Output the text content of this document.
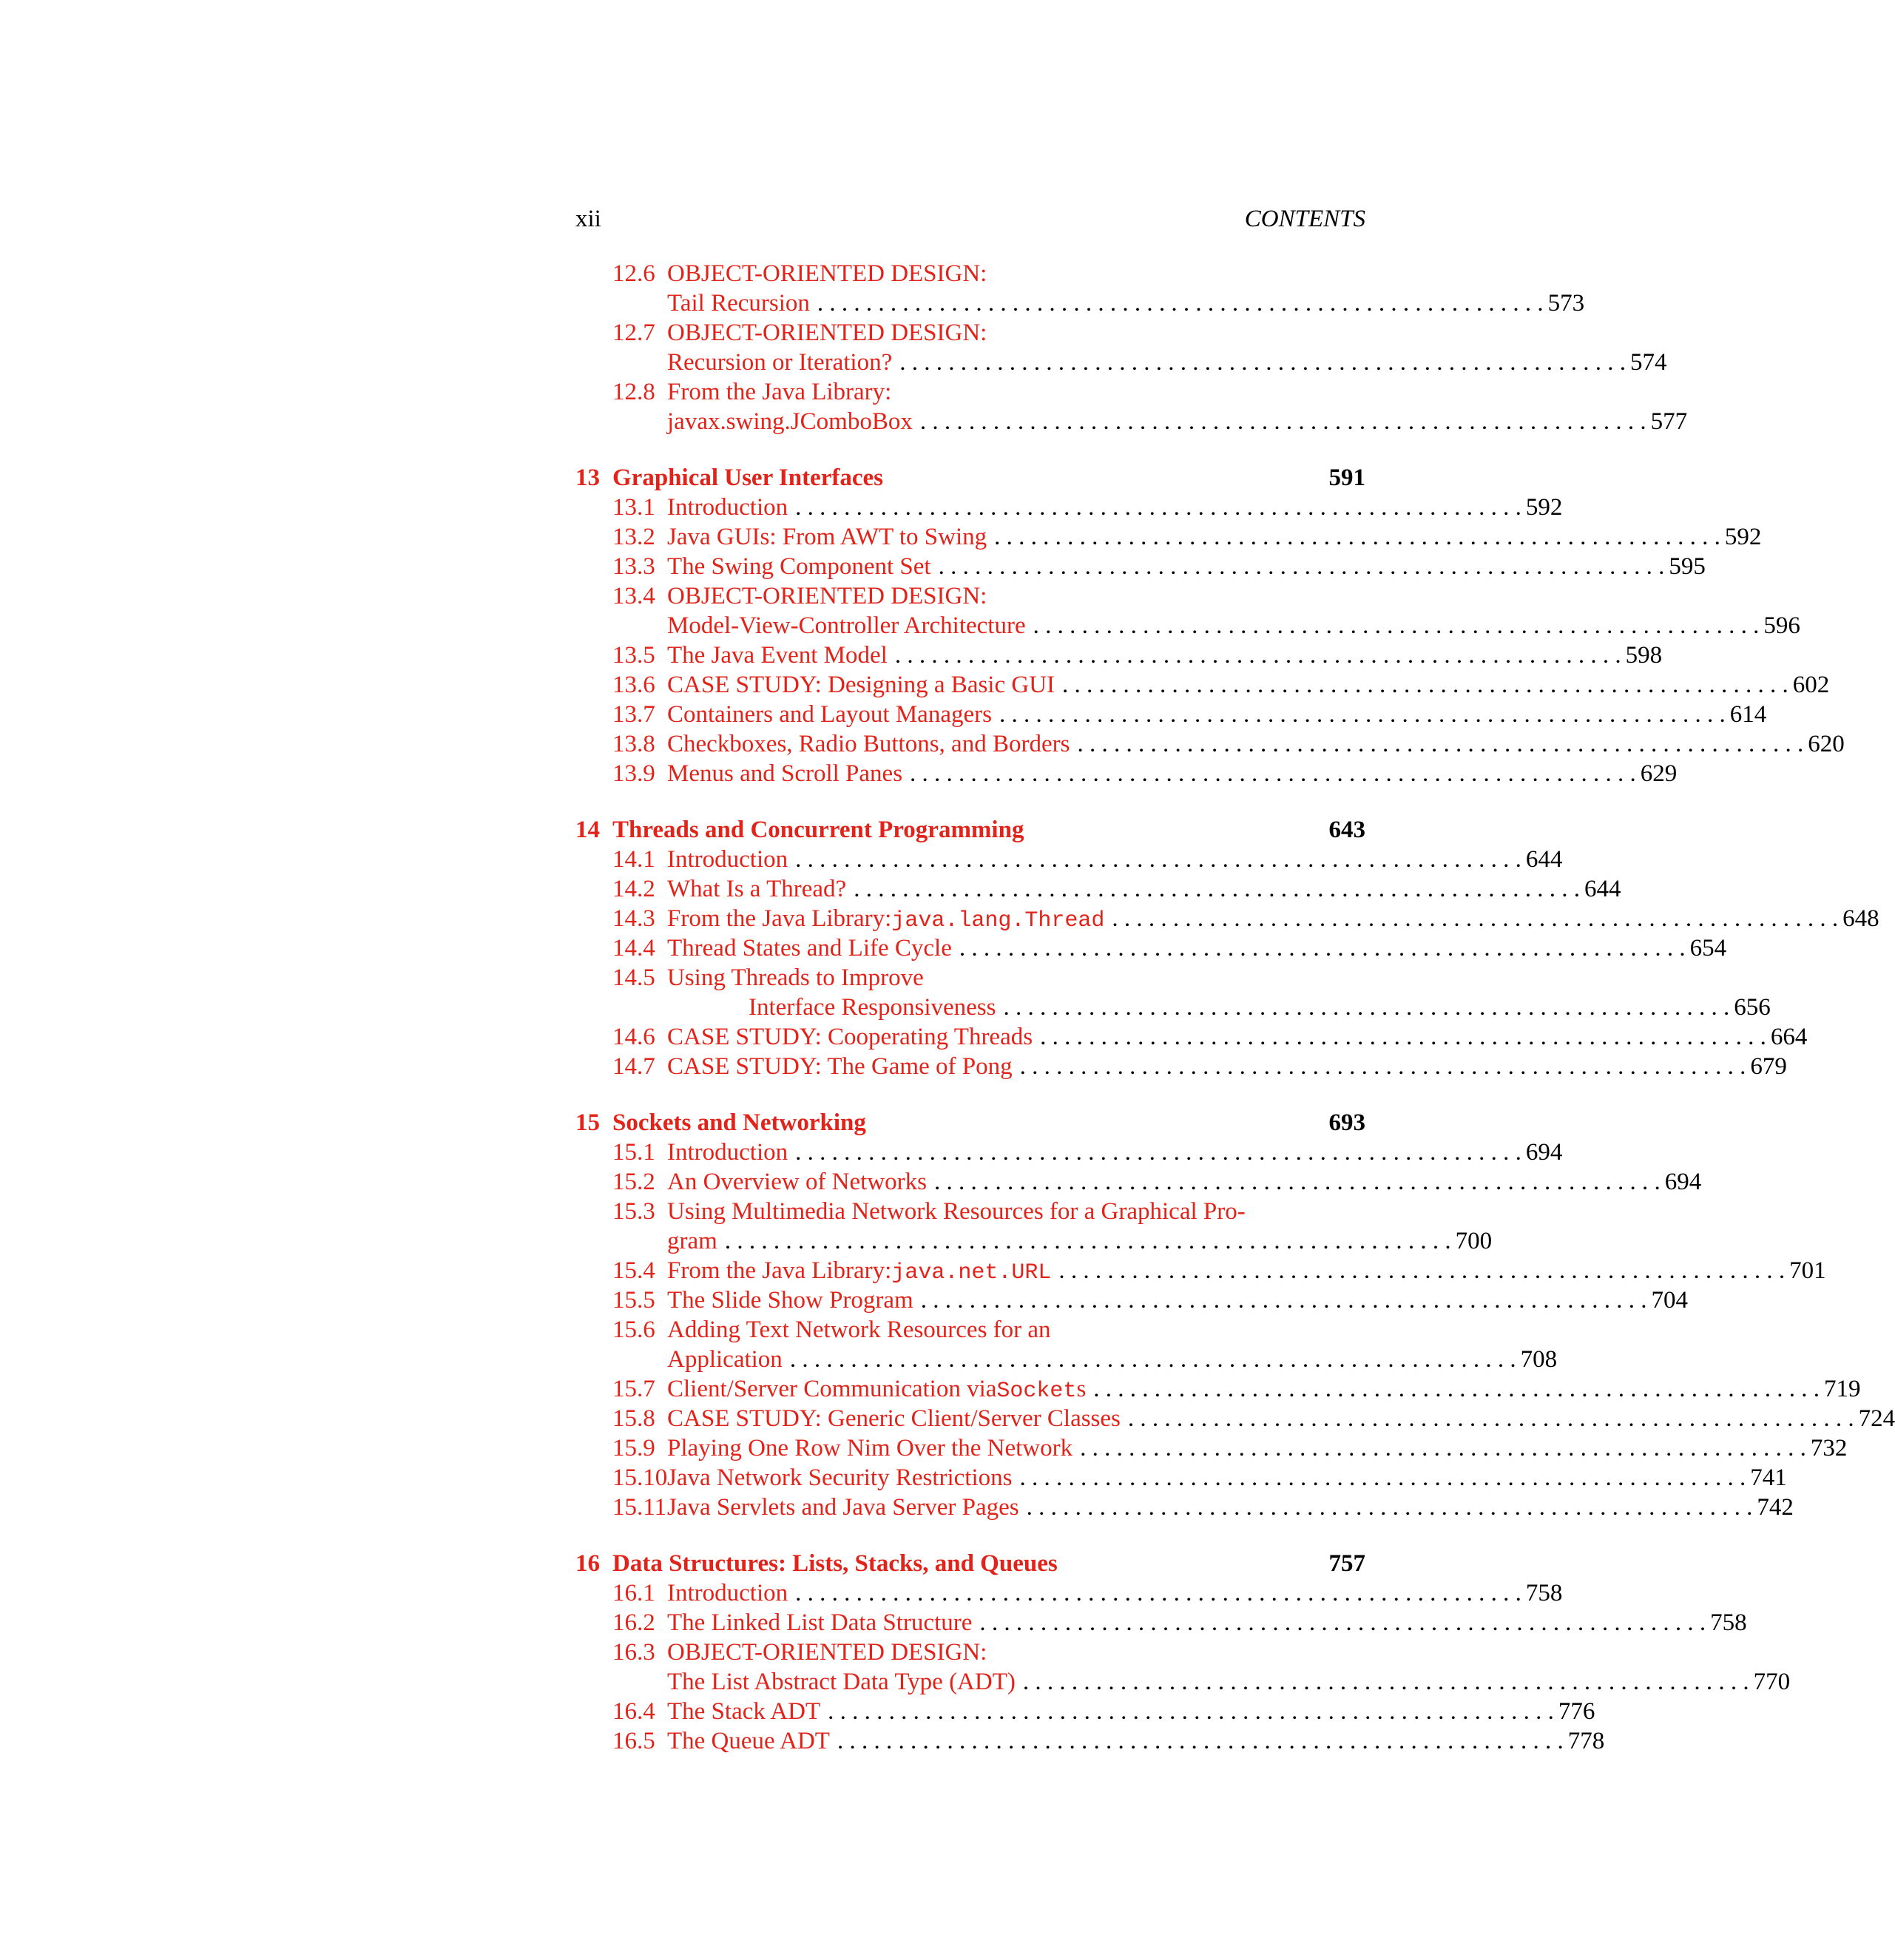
xii	CONTENTS
12.6 OBJECT-ORIENTED DESIGN:
Tail Recursion . . . . . . . . . . . . . . . . . . . . . . . . . . . . . . . . . . . . . . . . . . . . . . . . . . . . . . . . . . . . 573
12.7 OBJECT-ORIENTED DESIGN:
Recursion or Iteration? . . . . . . . . . . . . . . . . . . . . . . . . . . . . . . . . . . . . . . . . . . . . . . . . . . . . . . . . . . . . 574
12.8 From the Java Library:
javax.swing.JComboBox . . . . . . . . . . . . . . . . . . . . . . . . . . . . . . . . . . . . . . . . . . . . . . . . . . . . . . . . . . . . 577
13 Graphical User Interfaces	591
13.1 Introduction . . . . . . . . . . . . . . . . . . . . . . . . . . . . . . . . . . . . . . . . . . . . . . . . . . . . . . . . . . . . 592
13.2 Java GUIs: From AWT to Swing . . . . . . . . . . . . . . . . . . . . . . . . . . . . . . . . . . . . . . . . . . . . . . . . . . . . . . . . . . . . 592
13.3 The Swing Component Set . . . . . . . . . . . . . . . . . . . . . . . . . . . . . . . . . . . . . . . . . . . . . . . . . . . . . . . . . . . . 595
13.4 OBJECT-ORIENTED DESIGN:
Model-View-Controller Architecture . . . . . . . . . . . . . . . . . . . . . . . . . . . . . . . . . . . . . . . . . . . . . . . . . . . . . . . . . . . . 596
13.5 The Java Event Model . . . . . . . . . . . . . . . . . . . . . . . . . . . . . . . . . . . . . . . . . . . . . . . . . . . . . . . . . . . . 598
13.6 CASE STUDY: Designing a Basic GUI . . . . . . . . . . . . . . . . . . . . . . . . . . . . . . . . . . . . . . . . . . . . . . . . . . . . . . . . . . . . 602
13.7 Containers and Layout Managers . . . . . . . . . . . . . . . . . . . . . . . . . . . . . . . . . . . . . . . . . . . . . . . . . . . . . . . . . . . . 614
13.8 Checkboxes, Radio Buttons, and Borders . . . . . . . . . . . . . . . . . . . . . . . . . . . . . . . . . . . . . . . . . . . . . . . . . . . . . . . . . . . . 620
13.9 Menus and Scroll Panes . . . . . . . . . . . . . . . . . . . . . . . . . . . . . . . . . . . . . . . . . . . . . . . . . . . . . . . . . . . . 629
14 Threads and Concurrent Programming	643
14.1 Introduction . . . . . . . . . . . . . . . . . . . . . . . . . . . . . . . . . . . . . . . . . . . . . . . . . . . . . . . . . . . . 644
14.2 What Is a Thread? . . . . . . . . . . . . . . . . . . . . . . . . . . . . . . . . . . . . . . . . . . . . . . . . . . . . . . . . . . . . 644
14.3 From the Java Library: java.lang.Thread . . . . . . . . . . . . . . . . . . . . . . . . . . . . . . . . . . . . . . . . . . . . . . . . . . . . . . . . . . . . 648
14.4 Thread States and Life Cycle . . . . . . . . . . . . . . . . . . . . . . . . . . . . . . . . . . . . . . . . . . . . . . . . . . . . . . . . . . . . 654
14.5 Using Threads to Improve
Interface Responsiveness . . . . . . . . . . . . . . . . . . . . . . . . . . . . . . . . . . . . . . . . . . . . . . . . . . . . . . . . . . . . 656
14.6 CASE STUDY: Cooperating Threads . . . . . . . . . . . . . . . . . . . . . . . . . . . . . . . . . . . . . . . . . . . . . . . . . . . . . . . . . . . . 664
14.7 CASE STUDY: The Game of Pong . . . . . . . . . . . . . . . . . . . . . . . . . . . . . . . . . . . . . . . . . . . . . . . . . . . . . . . . . . . . 679
15 Sockets and Networking	693
15.1 Introduction . . . . . . . . . . . . . . . . . . . . . . . . . . . . . . . . . . . . . . . . . . . . . . . . . . . . . . . . . . . . 694
15.2 An Overview of Networks . . . . . . . . . . . . . . . . . . . . . . . . . . . . . . . . . . . . . . . . . . . . . . . . . . . . . . . . . . . . 694
15.3 Using Multimedia Network Resources for a Graphical Pro-
gram . . . . . . . . . . . . . . . . . . . . . . . . . . . . . . . . . . . . . . . . . . . . . . . . . . . . . . . . . . . . 700
15.4 From the Java Library: java.net.URL . . . . . . . . . . . . . . . . . . . . . . . . . . . . . . . . . . . . . . . . . . . . . . . . . . . . . . . . . . . . 701
15.5 The Slide Show Program . . . . . . . . . . . . . . . . . . . . . . . . . . . . . . . . . . . . . . . . . . . . . . . . . . . . . . . . . . . . 704
15.6 Adding Text Network Resources for an
Application . . . . . . . . . . . . . . . . . . . . . . . . . . . . . . . . . . . . . . . . . . . . . . . . . . . . . . . . . . . . 708
15.7 Client/Server Communication via Socket s . . . . . . . . . . . . . . . . . . . . . . . . . . . . . . . . . . . . . . . . . . . . . . . . . . . . . . . . . . . . 719
15.8 CASE STUDY: Generic Client/Server Classes . . . . . . . . . . . . . . . . . . . . . . . . . . . . . . . . . . . . . . . . . . . . . . . . . . . . . . . . . . . . 724
15.9 Playing One Row Nim Over the Network . . . . . . . . . . . . . . . . . . . . . . . . . . . . . . . . . . . . . . . . . . . . . . . . . . . . . . . . . . . . 732
15.10 Java Network Security Restrictions . . . . . . . . . . . . . . . . . . . . . . . . . . . . . . . . . . . . . . . . . . . . . . . . . . . . . . . . . . . . 741
15.11 Java Servlets and Java Server Pages . . . . . . . . . . . . . . . . . . . . . . . . . . . . . . . . . . . . . . . . . . . . . . . . . . . . . . . . . . . . 742
16 Data Structures: Lists, Stacks, and Queues	757
16.1 Introduction . . . . . . . . . . . . . . . . . . . . . . . . . . . . . . . . . . . . . . . . . . . . . . . . . . . . . . . . . . . . 758
16.2 The Linked List Data Structure . . . . . . . . . . . . . . . . . . . . . . . . . . . . . . . . . . . . . . . . . . . . . . . . . . . . . . . . . . . . 758
16.3 OBJECT-ORIENTED DESIGN:
The List Abstract Data Type (ADT) . . . . . . . . . . . . . . . . . . . . . . . . . . . . . . . . . . . . . . . . . . . . . . . . . . . . . . . . . . . . 770
16.4 The Stack ADT . . . . . . . . . . . . . . . . . . . . . . . . . . . . . . . . . . . . . . . . . . . . . . . . . . . . . . . . . . . . 776
16.5 The Queue ADT . . . . . . . . . . . . . . . . . . . . . . . . . . . . . . . . . . . . . . . . . . . . . . . . . . . . . . . . . . . . 778
